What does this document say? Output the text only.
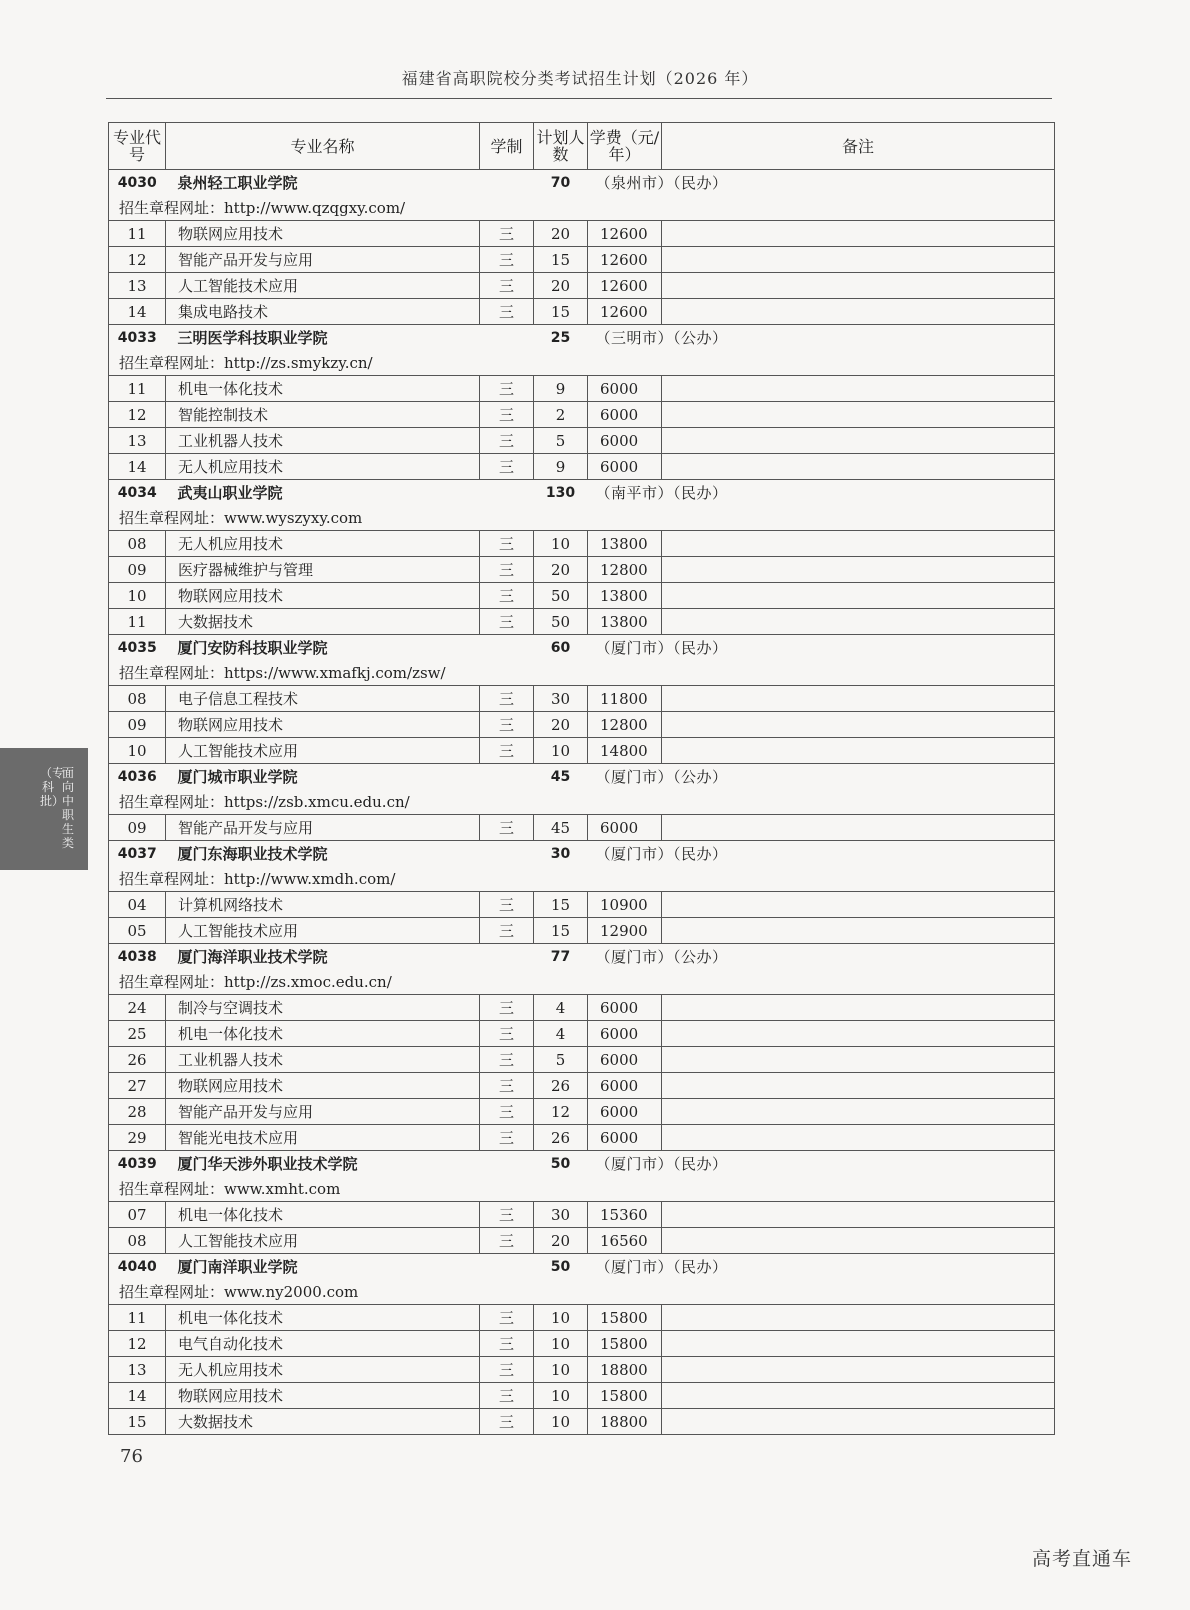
福建省高职院校分类考试招生计划（2026 年）
专业代号	专业名称	学制	计划人数	学费（元/年）	备注
4030	泉州轻工职业学院		70	（泉州市）（民办）	
招生章程网址：http://www.qzqgxy.com/					
11	物联网应用技术	三	20	12600	
12	智能产品开发与应用	三	15	12600	
13	人工智能技术应用	三	20	12600	
14	集成电路技术	三	15	12600	
4033	三明医学科技职业学院		25	（三明市）（公办）	
招生章程网址：http://zs.smykzy.cn/					
11	机电一体化技术	三	9	6000	
12	智能控制技术	三	2	6000	
13	工业机器人技术	三	5	6000	
14	无人机应用技术	三	9	6000	
4034	武夷山职业学院		130	（南平市）（民办）	
招生章程网址：www.wyszyxy.com					
08	无人机应用技术	三	10	13800	
09	医疗器械维护与管理	三	20	12800	
10	物联网应用技术	三	50	13800	
11	大数据技术	三	50	13800	
4035	厦门安防科技职业学院		60	（厦门市）（民办）	
招生章程网址：https://www.xmafkj.com/zsw/					
08	电子信息工程技术	三	30	11800	
09	物联网应用技术	三	20	12800	
10	人工智能技术应用	三	10	14800	
4036	厦门城市职业学院		45	（厦门市）（公办）	
招生章程网址：https://zsb.xmcu.edu.cn/					
09	智能产品开发与应用	三	45	6000	
4037	厦门东海职业技术学院		30	（厦门市）（民办）	
招生章程网址：http://www.xmdh.com/					
04	计算机网络技术	三	15	10900	
05	人工智能技术应用	三	15	12900	
4038	厦门海洋职业技术学院		77	（厦门市）（公办）	
招生章程网址：http://zs.xmoc.edu.cn/					
24	制冷与空调技术	三	4	6000	
25	机电一体化技术	三	4	6000	
26	工业机器人技术	三	5	6000	
27	物联网应用技术	三	26	6000	
28	智能产品开发与应用	三	12	6000	
29	智能光电技术应用	三	26	6000	
4039	厦门华天涉外职业技术学院		50	（厦门市）（民办）	
招生章程网址：www.xmht.com					
07	机电一体化技术	三	30	15360	
08	人工智能技术应用	三	20	16560	
4040	厦门南洋职业学院		50	（厦门市）（民办）	
招生章程网址：www.ny2000.com					
11	机电一体化技术	三	10	15800	
12	电气自动化技术	三	10	15800	
13	无人机应用技术	三	10	18800	
14	物联网应用技术	三	10	15800	
15	大数据技术	三	10	18800	
面向中职生类
（专科批）
76
高考直通车
